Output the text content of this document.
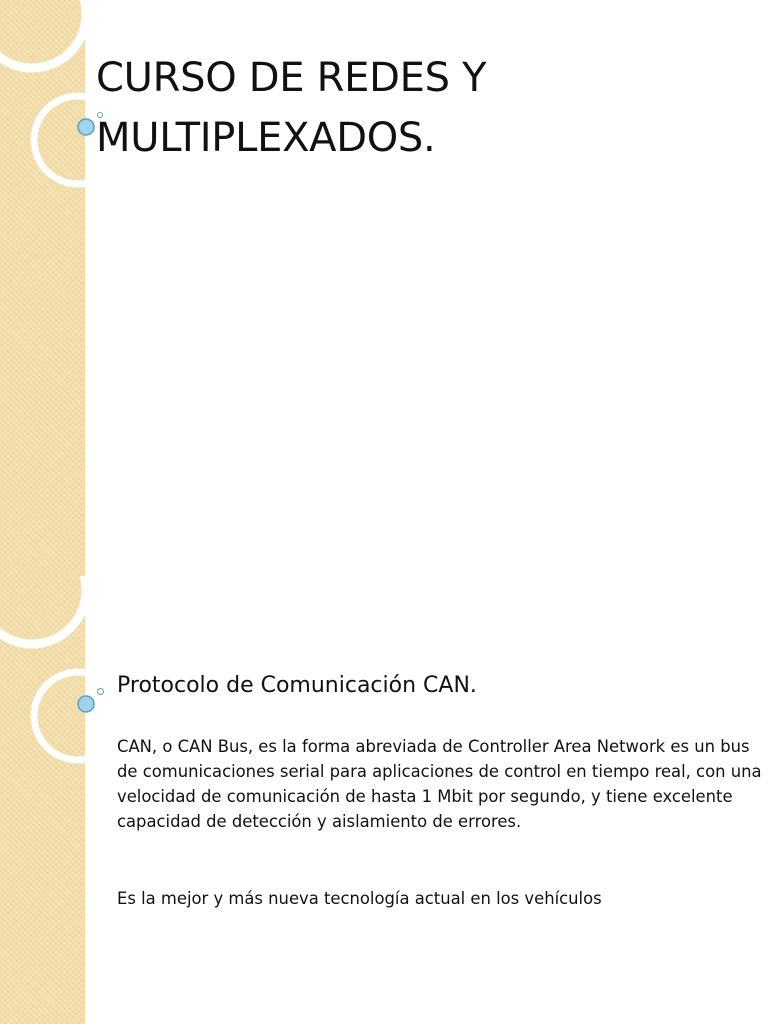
CURSO DE REDES Y MULTIPLEXADOS.
Protocolo de Comunicación CAN.

CAN, o CAN Bus, es la forma abreviada de Controller Area Network es un bus de comunicaciones serial para aplicaciones de control en tiempo real, con una velocidad de comunicación de hasta 1 Mbit por segundo, y tiene excelente capacidad de detección y aislamiento de errores.

Es la mejor y más nueva tecnología actual en los vehículos
